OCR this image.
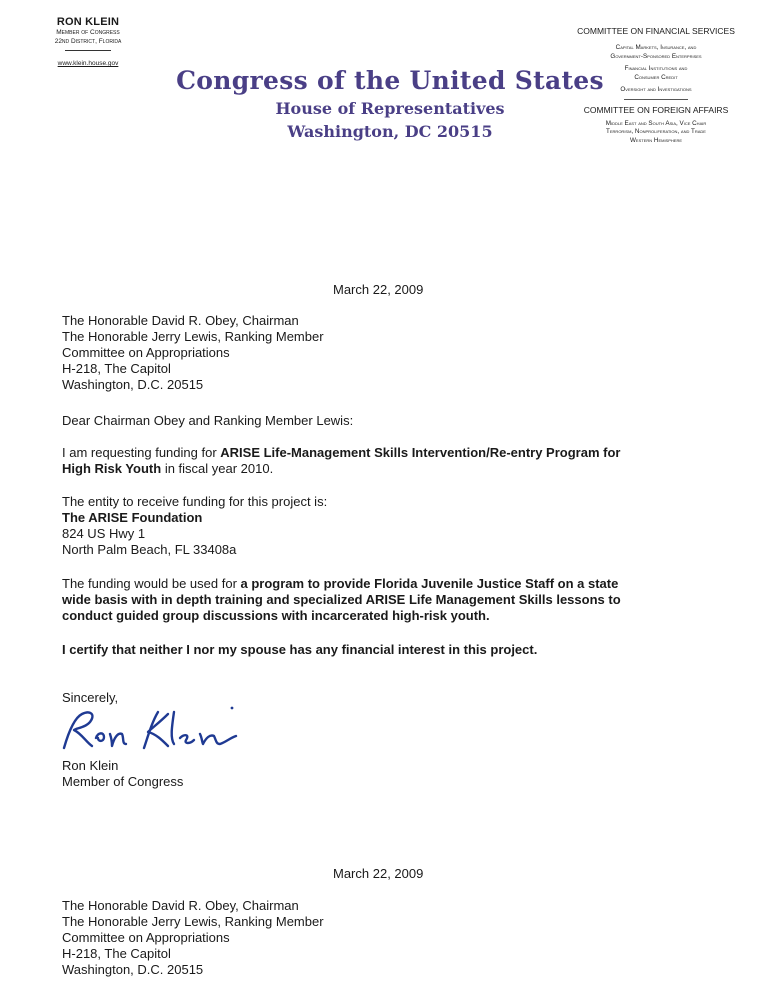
RON KLEIN
Member of Congress
22nd District, Florida
www.klein.house.gov
Congress of the United States
House of Representatives
Washington, DC 20515
COMMITTEE ON FINANCIAL SERVICES
Capital Markets, Insurance, and
Government-Sponsored Enterprises
Financial Institutions and
Consumer Credit
Oversight and Investigations
COMMITTEE ON FOREIGN AFFAIRS
Middle East and South Asia, Vice Chair
Terrorism, Nonproliferation, and Trade
Western Hemisphere
March 22, 2009
The Honorable David R. Obey, Chairman
The Honorable Jerry Lewis, Ranking Member
Committee on Appropriations
H-218, The Capitol
Washington, D.C. 20515
Dear Chairman Obey and Ranking Member Lewis:
I am requesting funding for ARISE Life-Management Skills Intervention/Re-entry Program for
High Risk Youth in fiscal year 2010.
The entity to receive funding for this project is:
The ARISE Foundation
824 US Hwy 1
North Palm Beach, FL 33408a
The funding would be used for a program to provide Florida Juvenile Justice Staff on a state
wide basis with in depth training and specialized ARISE Life Management Skills lessons to
conduct guided group discussions with incarcerated high-risk youth.
I certify that neither I nor my spouse has any financial interest in this project.
Sincerely,
Ron Klein
Member of Congress
March 22, 2009
The Honorable David R. Obey, Chairman
The Honorable Jerry Lewis, Ranking Member
Committee on Appropriations
H-218, The Capitol
Washington, D.C. 20515
